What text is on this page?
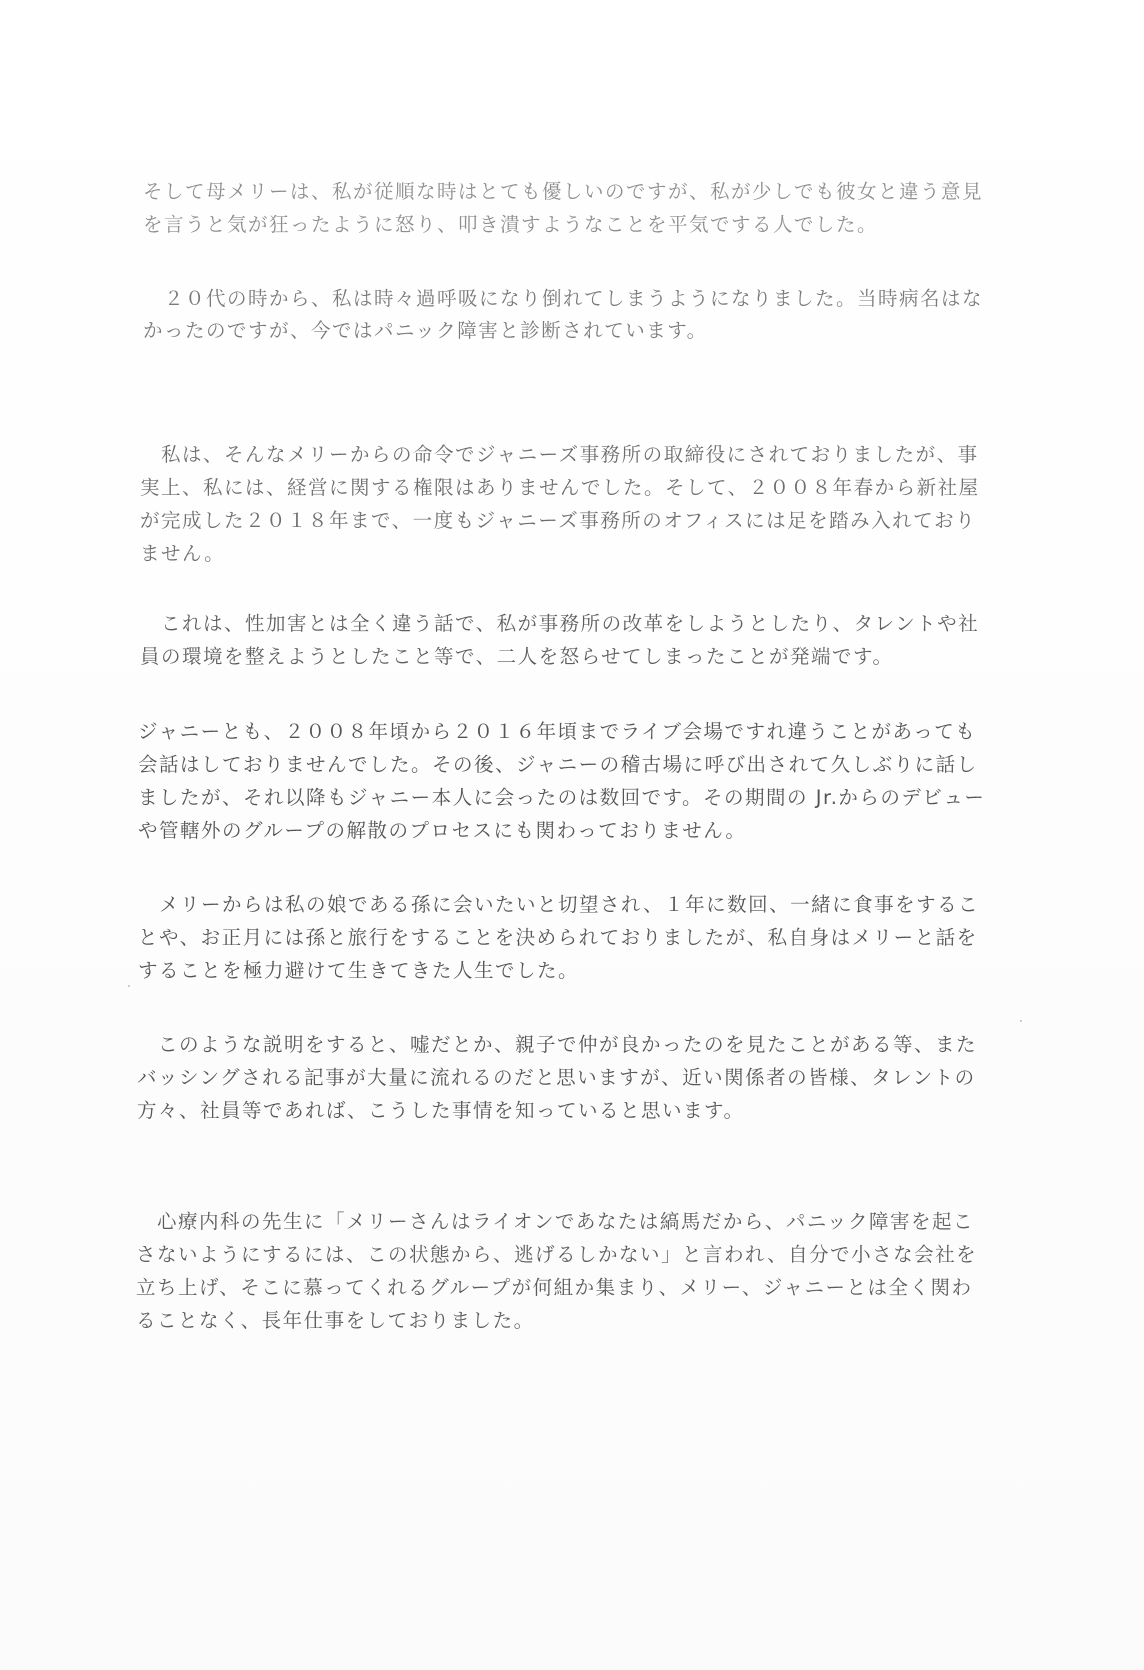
そして母メリーは、私が従順な時はとても優しいのですが、私が少しでも彼女と違う意見
を言うと気が狂ったように怒り、叩き潰すようなことを平気でする人でした。
　２０代の時から、私は時々過呼吸になり倒れてしまうようになりました。当時病名はな
かったのですが、今ではパニック障害と診断されています。
　私は、そんなメリーからの命令でジャニーズ事務所の取締役にされておりましたが、事
実上、私には、経営に関する権限はありませんでした。そして、２００８年春から新社屋
が完成した２０１８年まで、一度もジャニーズ事務所のオフィスには足を踏み入れており
ません。
　これは、性加害とは全く違う話で、私が事務所の改革をしようとしたり、タレントや社
員の環境を整えようとしたこと等で、二人を怒らせてしまったことが発端です。
ジャニーとも、２００８年頃から２０１６年頃までライブ会場ですれ違うことがあっても
会話はしておりませんでした。その後、ジャニーの稽古場に呼び出されて久しぶりに話し
ましたが、それ以降もジャニー本人に会ったのは数回です。その期間の Jr.からのデビュー
や管轄外のグループの解散のプロセスにも関わっておりません。
　メリーからは私の娘である孫に会いたいと切望され、１年に数回、一緒に食事をするこ
とや、お正月には孫と旅行をすることを決められておりましたが、私自身はメリーと話を
することを極力避けて生きてきた人生でした。
　このような説明をすると、嘘だとか、親子で仲が良かったのを見たことがある等、また
バッシングされる記事が大量に流れるのだと思いますが、近い関係者の皆様、タレントの
方々、社員等であれば、こうした事情を知っていると思います。
　心療内科の先生に「メリーさんはライオンであなたは縞馬だから、パニック障害を起こ
さないようにするには、この状態から、逃げるしかない」と言われ、自分で小さな会社を
立ち上げ、そこに慕ってくれるグループが何組か集まり、メリー、ジャニーとは全く関わ
ることなく、長年仕事をしておりました。
